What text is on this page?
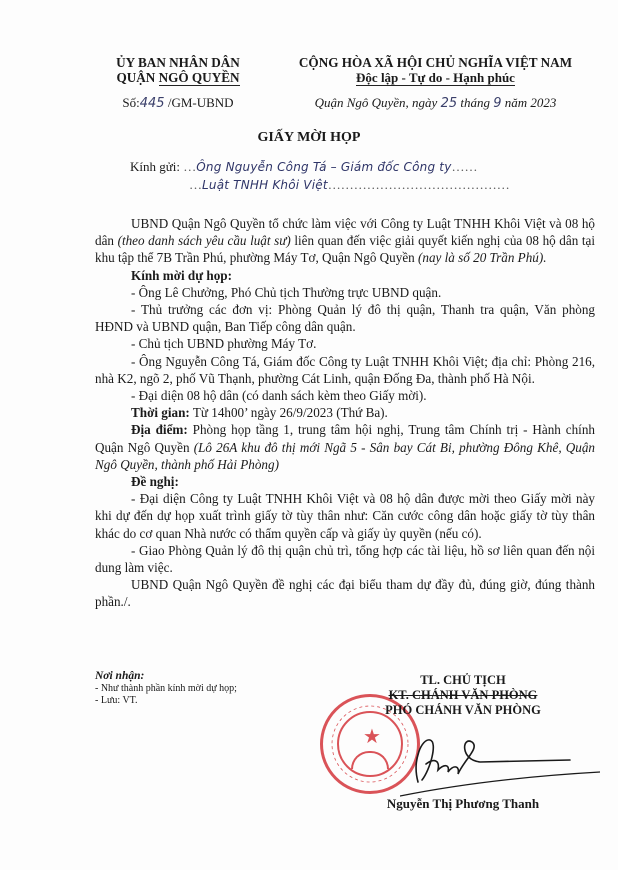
ỦY BAN NHÂN DÂN
QUẬN NGÔ QUYỀN
Số:445 /GM-UBND
CỘNG HÒA XÃ HỘI CHỦ NGHĨA VIỆT NAM
Độc lập - Tự do - Hạnh phúc
Quận Ngô Quyền, ngày 25 tháng 9 năm 2023
GIẤY MỜI HỌP
Kính gửi: …Ông Nguyễn Công Tá – Giám đốc Công ty……
…Luật TNHH Khôi Việt……………………………………
UBND Quận Ngô Quyền tổ chức làm việc với Công ty Luật TNHH Khôi Việt và 08 hộ dân (theo danh sách yêu cầu luật sư) liên quan đến việc giải quyết kiến nghị của 08 hộ dân tại khu tập thể 7B Trần Phú, phường Máy Tơ, Quận Ngô Quyền (nay là số 20 Trần Phú).
Kính mời dự họp:
- Ông Lê Chưởng, Phó Chủ tịch Thường trực UBND quận.
- Thủ trưởng các đơn vị: Phòng Quản lý đô thị quận, Thanh tra quận, Văn phòng HĐND và UBND quận, Ban Tiếp công dân quận.
- Chủ tịch UBND phường Máy Tơ.
- Ông Nguyễn Công Tá, Giám đốc Công ty Luật TNHH Khôi Việt; địa chỉ: Phòng 216, nhà K2, ngõ 2, phố Vũ Thạnh, phường Cát Linh, quận Đống Đa, thành phố Hà Nội.
- Đại diện 08 hộ dân (có danh sách kèm theo Giấy mời).
Thời gian: Từ 14h00’ ngày 26/9/2023 (Thứ Ba).
Địa điểm: Phòng họp tầng 1, trung tâm hội nghị, Trung tâm Chính trị - Hành chính Quận Ngô Quyền (Lô 26A khu đô thị mới Ngã 5 - Sân bay Cát Bi, phường Đông Khê, Quận Ngô Quyền, thành phố Hải Phòng)
Đề nghị:
- Đại diện Công ty Luật TNHH Khôi Việt và 08 hộ dân được mời theo Giấy mời này khi dự đến dự họp xuất trình giấy tờ tùy thân như: Căn cước công dân hoặc giấy tờ tùy thân khác do cơ quan Nhà nước có thẩm quyền cấp và giấy ủy quyền (nếu có).
- Giao Phòng Quản lý đô thị quận chủ trì, tổng hợp các tài liệu, hồ sơ liên quan đến nội dung làm việc.
UBND Quận Ngô Quyền đề nghị các đại biểu tham dự đầy đủ, đúng giờ, đúng thành phần./.
Nơi nhận:
- Như thành phần kính mời dự họp;
- Lưu: VT.
★
TL. CHỦ TỊCH
KT. CHÁNH VĂN PHÒNG
PHÓ CHÁNH VĂN PHÒNG
Nguyễn Thị Phương Thanh
